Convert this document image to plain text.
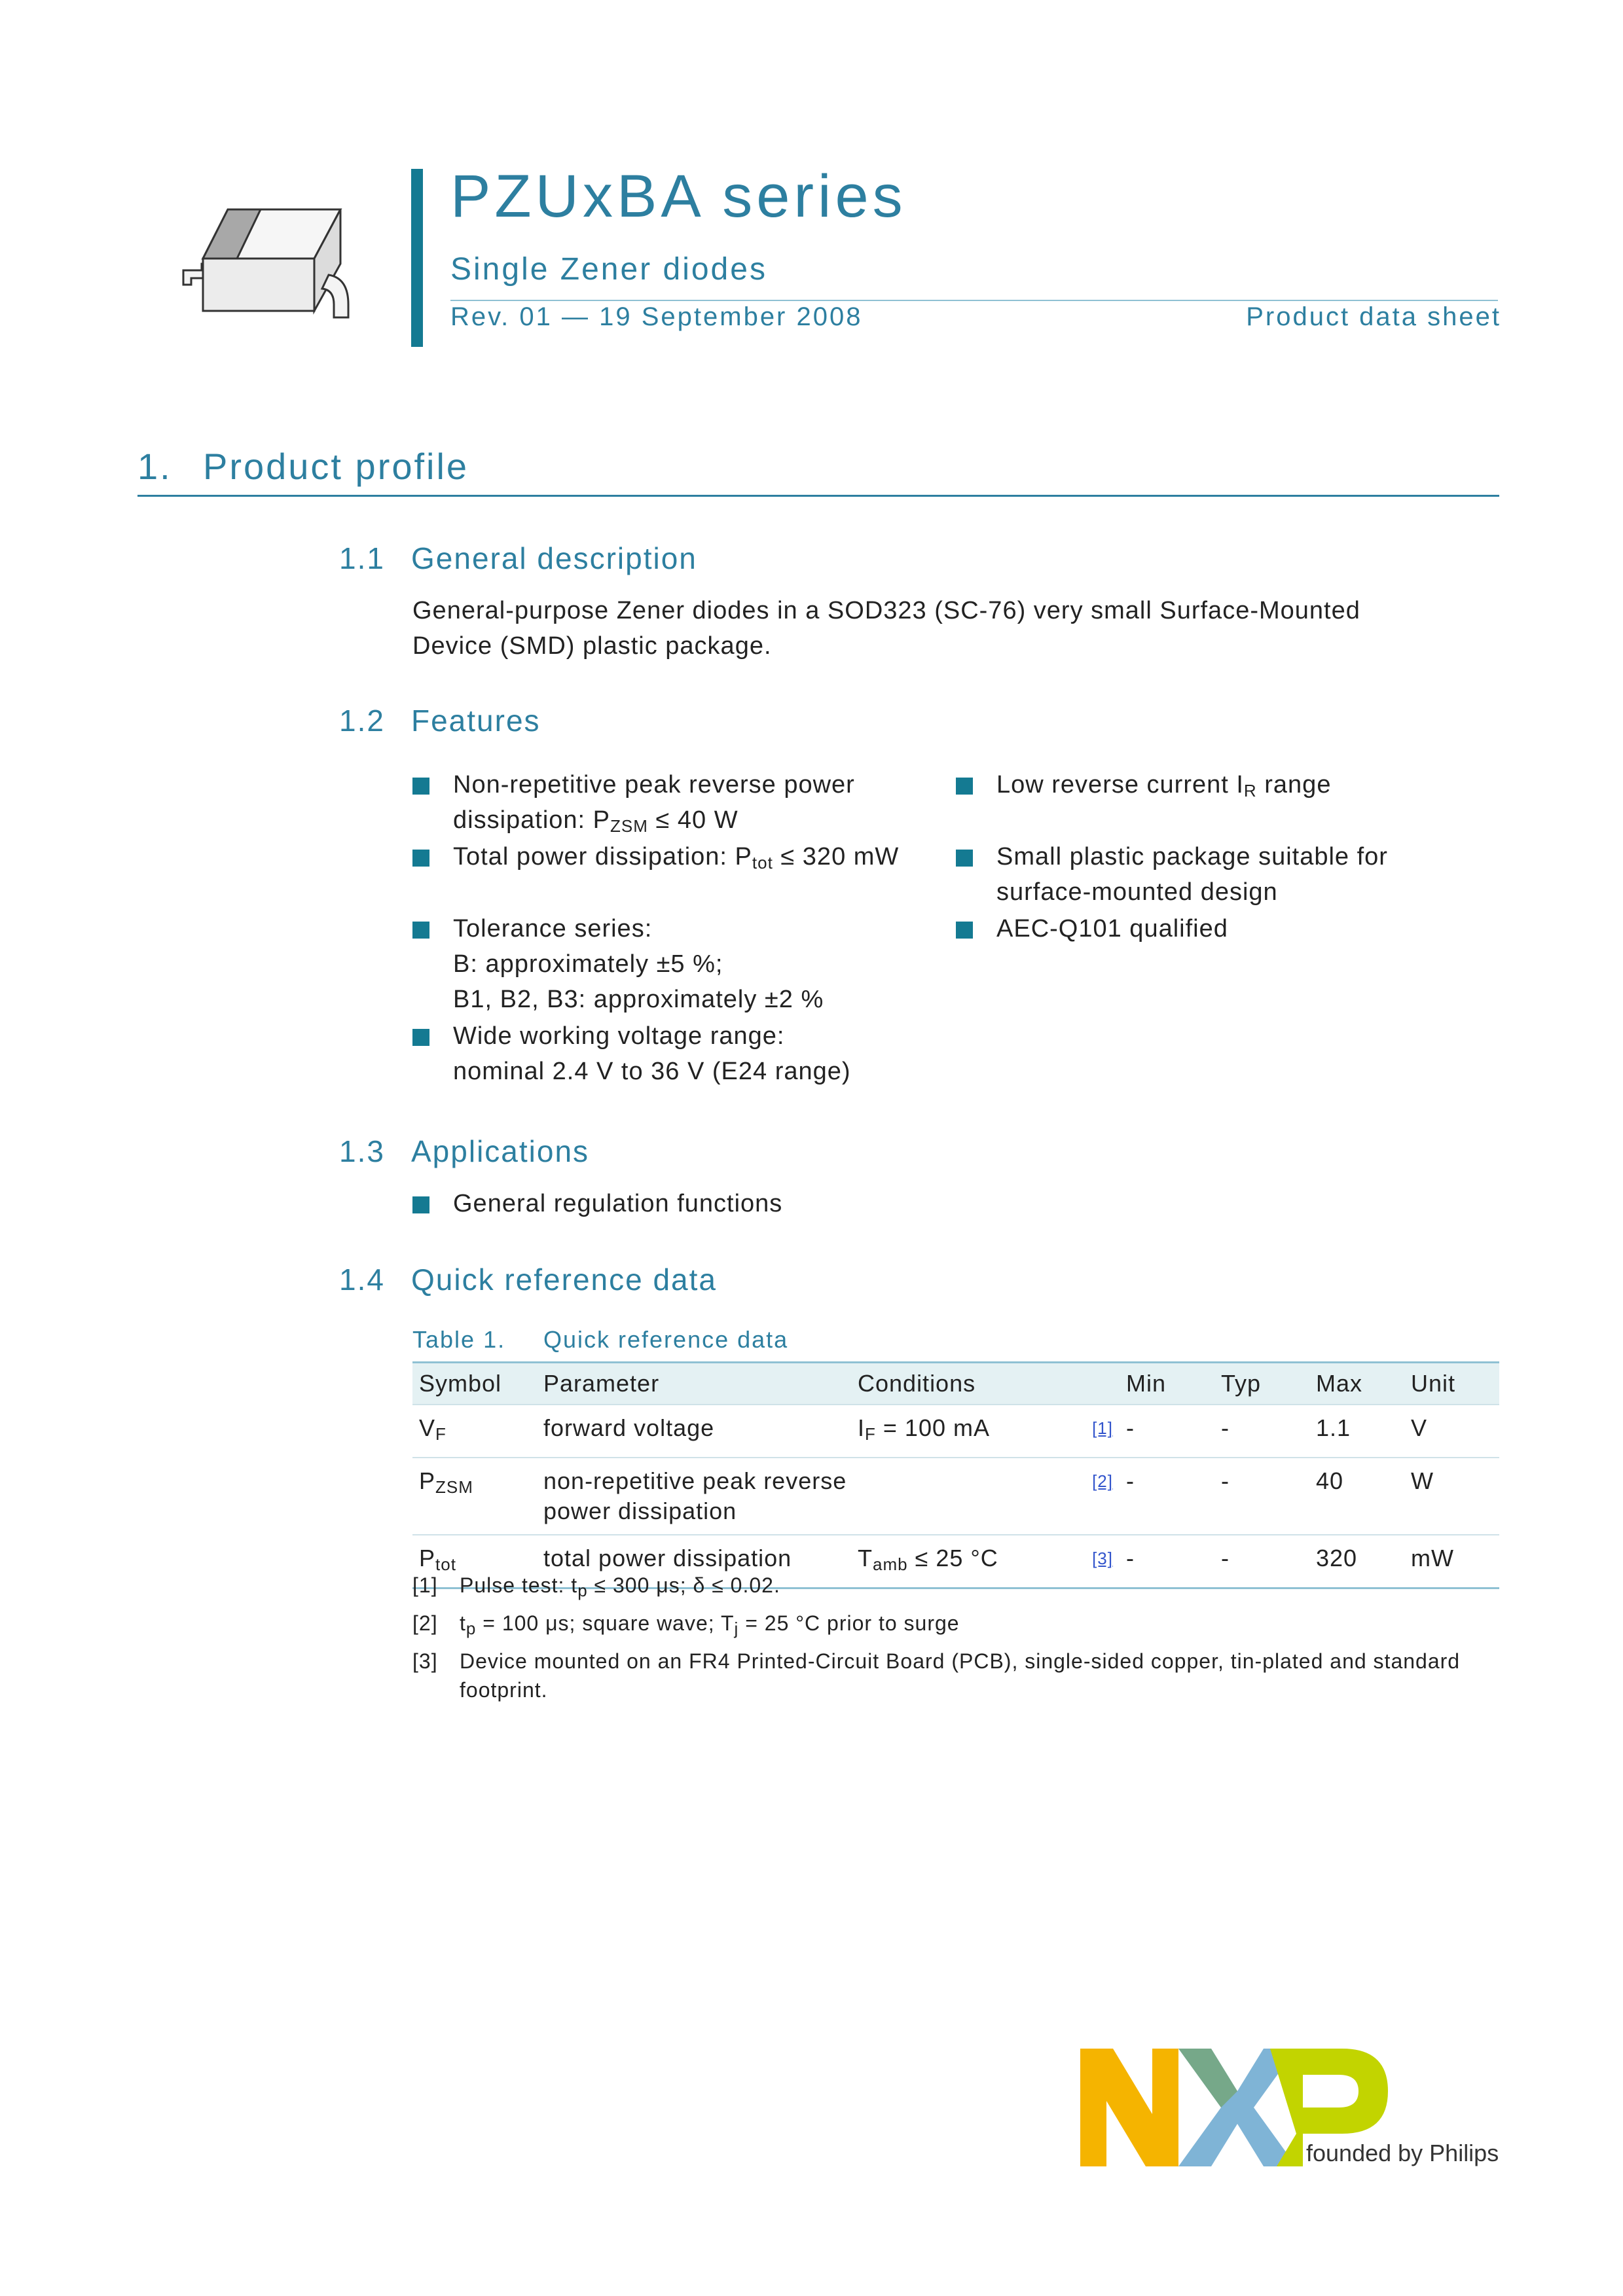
PZUxBA series
Single Zener diodes
Rev. 01 — 19 September 2008	Product data sheet
1. Product profile
1.1 General description
General-purpose Zener diodes in a SOD323 (SC-76) very small Surface-Mounted
Device (SMD) plastic package.
1.2 Features
Non-repetitive peak reverse power
dissipation: $P_{ZSM} \le 40$ W
Total power dissipation: $P_{tot} \le 320$ mW
Tolerance series:
B: approximately ±5 %;
B1, B2, B3: approximately ±2 %
Wide working voltage range:
nominal 2.4 V to 36 V (E24 range)
Low reverse current $I_R$ range
Small plastic package suitable for
surface-mounted design
AEC-Q101 qualified
1.3 Applications
General regulation functions
1.4 Quick reference data
Table 1. Quick reference data
Symbol	Parameter	Conditions		Min	Typ	Max	Unit
$V_F$	forward voltage	$I_F = 100$ mA	[1]	-	-	1.1	V
$P_{ZSM}$	non-repetitive peak reverse
power dissipation		[2]	-	-	40	W
$P_{tot}$	total power dissipation	$T_{amb} \le 25$ °C	[3]	-	-	320	mW
[1] Pulse test: $t_p \le 300$ μs; δ ≤ 0.02.
[2] $t_p = 100$ μs; square wave; $T_j = 25$ °C prior to surge
[3] Device mounted on an FR4 Printed-Circuit Board (PCB), single-sided copper, tin-plated and standard
footprint.
founded by Philips
